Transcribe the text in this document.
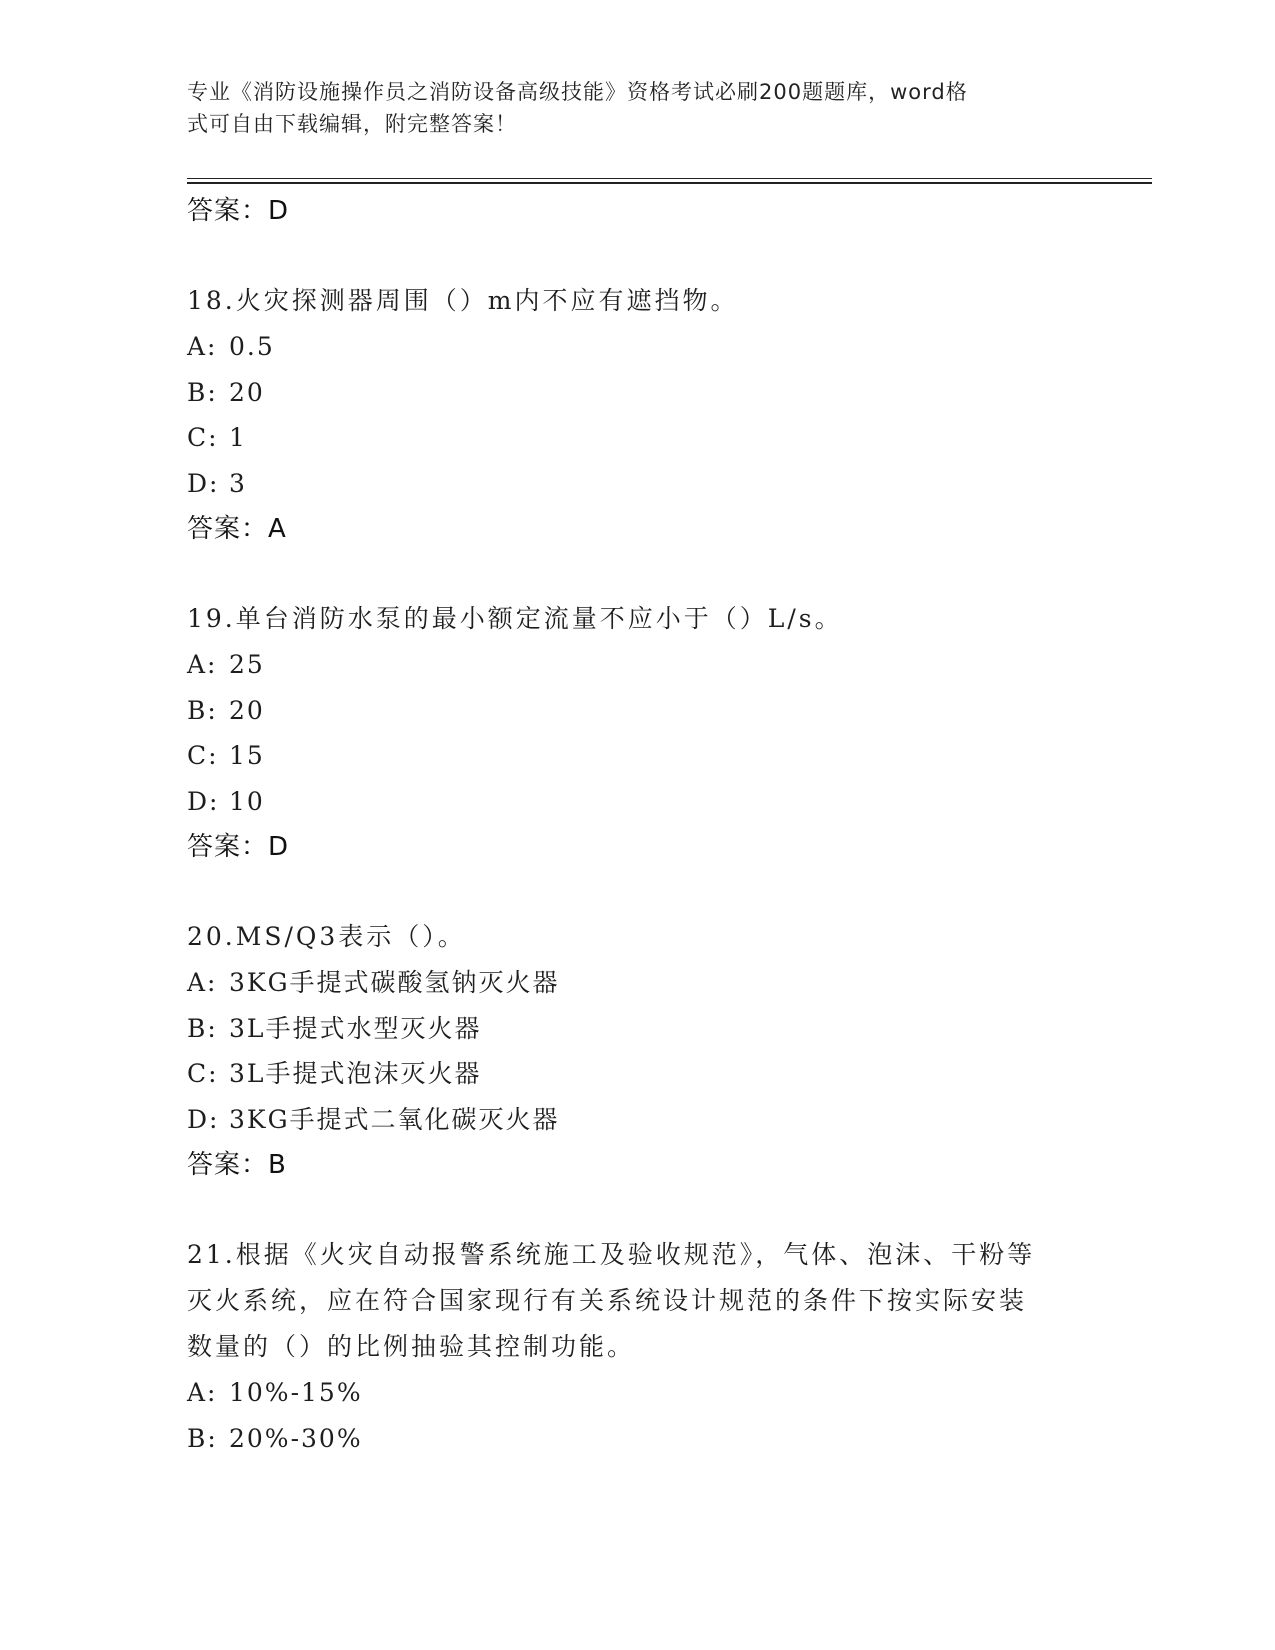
专业《消防设施操作员之消防设备高级技能》资格考试必刷200题题库，word格
式可自由下载编辑，附完整答案！
答案：D
18.火灾探测器周围（）m内不应有遮挡物。
A: 0.5
B: 20
C: 1
D: 3
答案：A
19.单台消防水泵的最小额定流量不应小于（）L/s。
A: 25
B: 20
C: 15
D: 10
答案：D
20.MS/Q3表示（）。
A: 3KG手提式碳酸氢钠灭火器
B: 3L手提式水型灭火器
C: 3L手提式泡沫灭火器
D: 3KG手提式二氧化碳灭火器
答案：B
21.根据《火灾自动报警系统施工及验收规范》，气体、泡沫、干粉等
灭火系统，应在符合国家现行有关系统设计规范的条件下按实际安装
数量的（）的比例抽验其控制功能。
A: 10%-15%
B: 20%-30%
